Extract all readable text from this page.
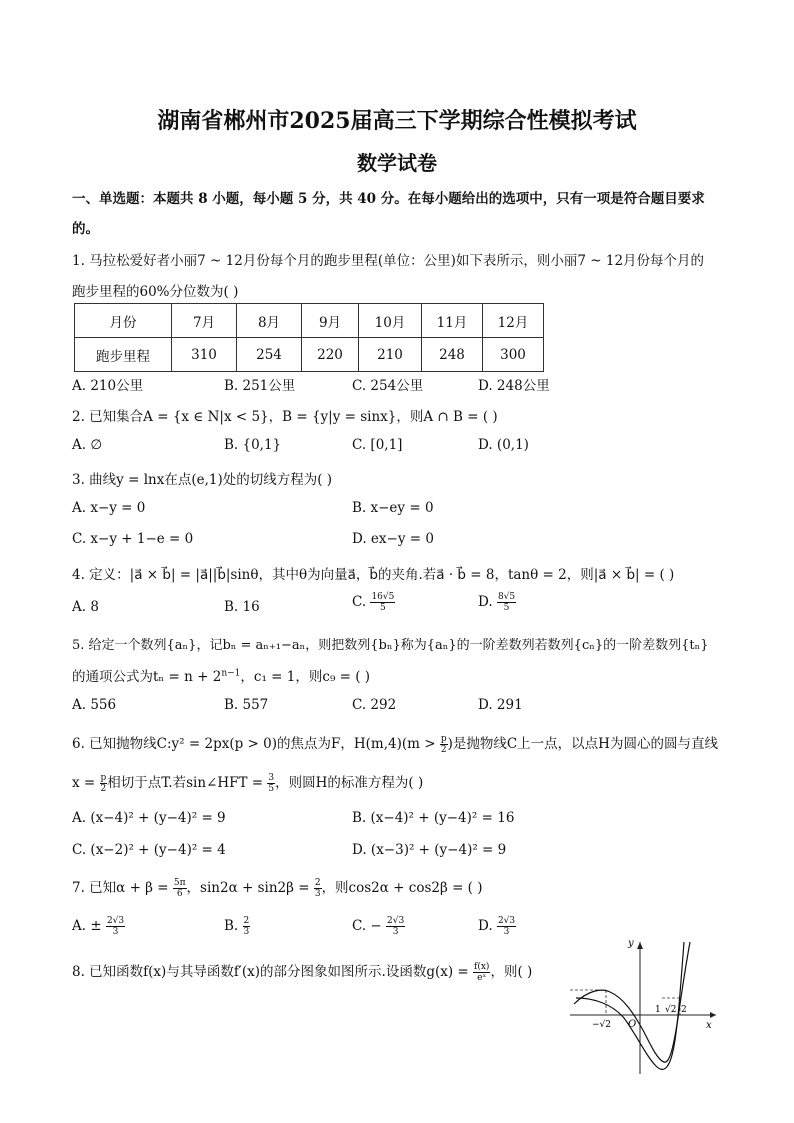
湖南省郴州市2025届高三下学期综合性模拟考试
数学试卷
一、单选题：本题共 8 小题，每小题 5 分，共 40 分。在每小题给出的选项中，只有一项是符合题目要求
的。
1. 马拉松爱好者小丽7 ~ 12月份每个月的跑步里程(单位：公里)如下表所示，则小丽7 ~ 12月份每个月的
跑步里程的60%分位数为( )
月份	7月	8月	9月	10月	11月	12月
跑步里程	310	254	220	210	248	300
A. 210公里	B. 251公里	C. 254公里	D. 248公里
2. 已知集合A = {x ∈ N|x < 5}，B = {y|y = sinx}，则A ∩ B = ( )
A. ∅	B. {0,1}	C. [0,1]	D. (0,1)
3. 曲线y = lnx在点(e,1)处的切线方程为( )
A. x−y = 0	B. x−ey = 0
C. x−y + 1−e = 0	D. ex−y = 0
4. 定义：|a⃗ × b⃗| = |a⃗||b⃗|sinθ，其中θ为向量a⃗，b⃗的夹角.若a⃗ · b⃗ = 8，tanθ = 2，则|a⃗ × b⃗| = ( )
A. 8	B. 16	C. $\frac{16√5}{5}$	D. $\frac{8√5}{5}$
5. 给定一个数列{aₙ}，记bₙ = aₙ₊₁−aₙ，则把数列{bₙ}称为{aₙ}的一阶差数列若数列{cₙ}的一阶差数列{tₙ}
的通项公式为$t_n = n + 2^{n-1}$，c₁ = 1，则c₉ = ( )
A. 556	B. 557	C. 292	D. 291
6. 已知抛物线C:y² = 2px(p > 0)的焦点为F，$H(m,4)(m > \frac{p}{2}$ )是抛物线C上一点，以点H为圆心的圆与直线
$x = \frac{p}{2}$ 相切于点T.若sin∠HFT = $\frac{3}{5}$ ，则圆H的标准方程为( )
A. (x−4)² + (y−4)² = 9	B. (x−4)² + (y−4)² = 16
C. (x−2)² + (y−4)² = 4	D. (x−3)² + (y−4)² = 9
7. 已知$\alpha + \beta = \frac{5\pi}{6}$ ，$\sin 2\alpha + \sin 2\beta = \frac{2}{3}$ ，则cos2α + cos2β = ( )
A. ± $\frac{2√3}{3}$	B. $\frac{2}{3}$	C. − $\frac{2√3}{3}$	D. $\frac{2√3}{3}$
8. 已知函数f(x)与其导函数f′(x)的部分图象如图所示.设函数$g(x) = \frac{f(x)}{\text{eˣ}}$ ，则( )
y
x
O
−√2
1 √2 2
